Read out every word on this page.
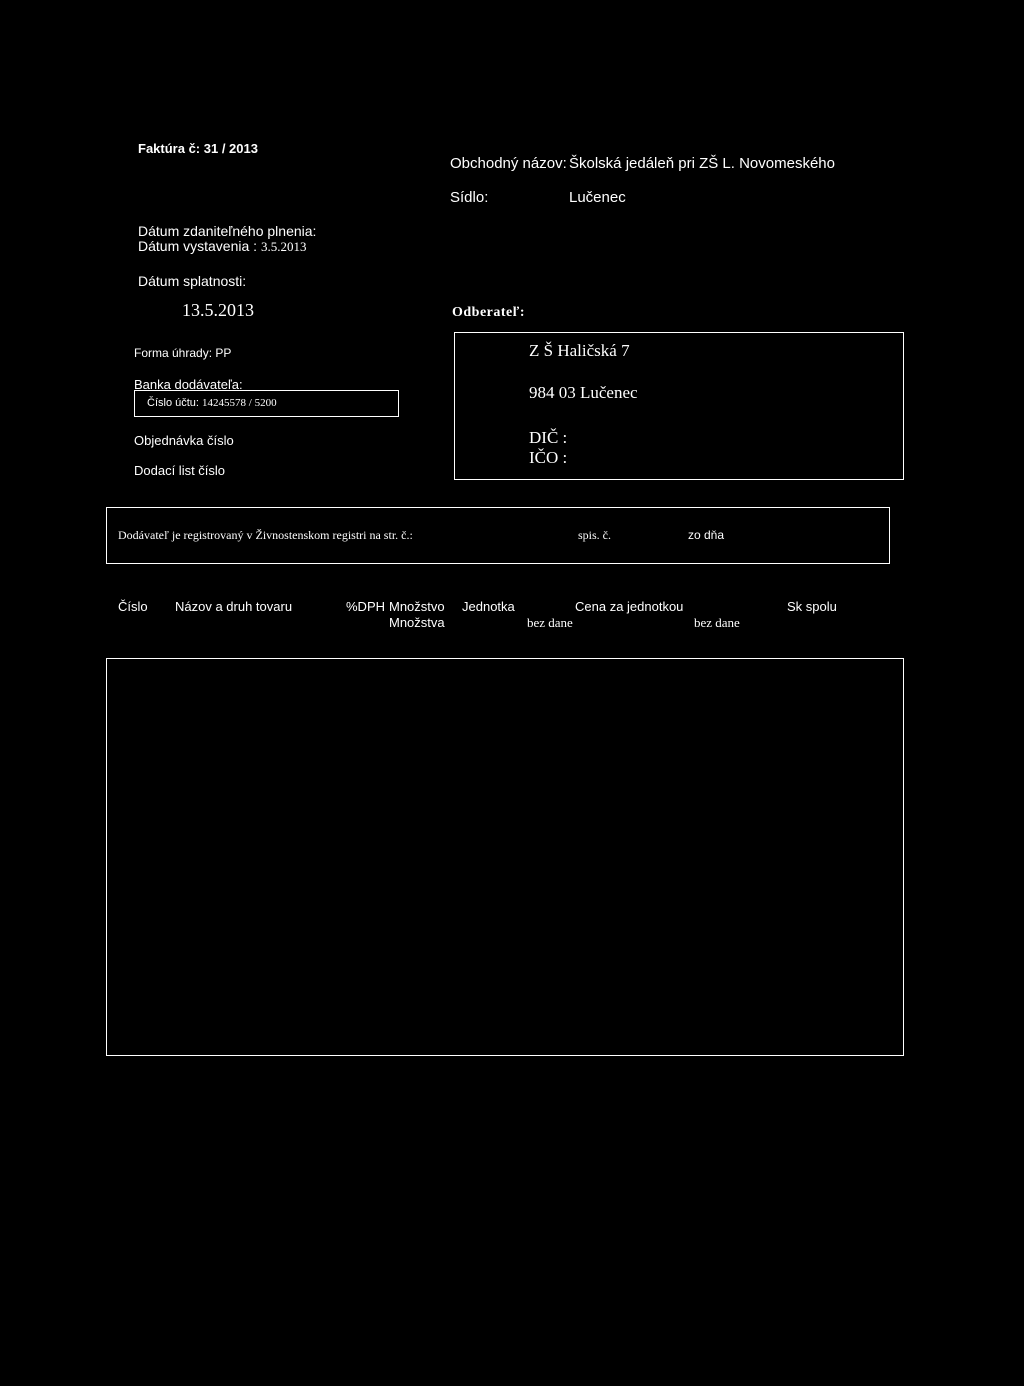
Faktúra č: 31 / 2013
Obchodný názov: Školská jedáleň pri ZŠ L. Novomeského
Sídlo:	Lučenec
Dátum zdaniteľného plnenia:
Dátum vystavenia : 3.5.2013
Dátum splatnosti:
13.5.2013	Odberateľ:
Forma úhrady: PP
Banka dodávateľa:
Číslo účtu: 14245578 / 5200
Objednávka číslo
Dodací list číslo
Z Š Haličská 7
984 03 Lučenec
DIČ :
IČO :
Dodávateľ je registrovaný v Živnostenskom registri na str. č.:	spis. č.	zo dňa
Číslo Názov a druh tovaru	%DPH Množstvo Jednotka	Cena za jednotkou	Sk spolu
Množstva	bez dane	bez dane
